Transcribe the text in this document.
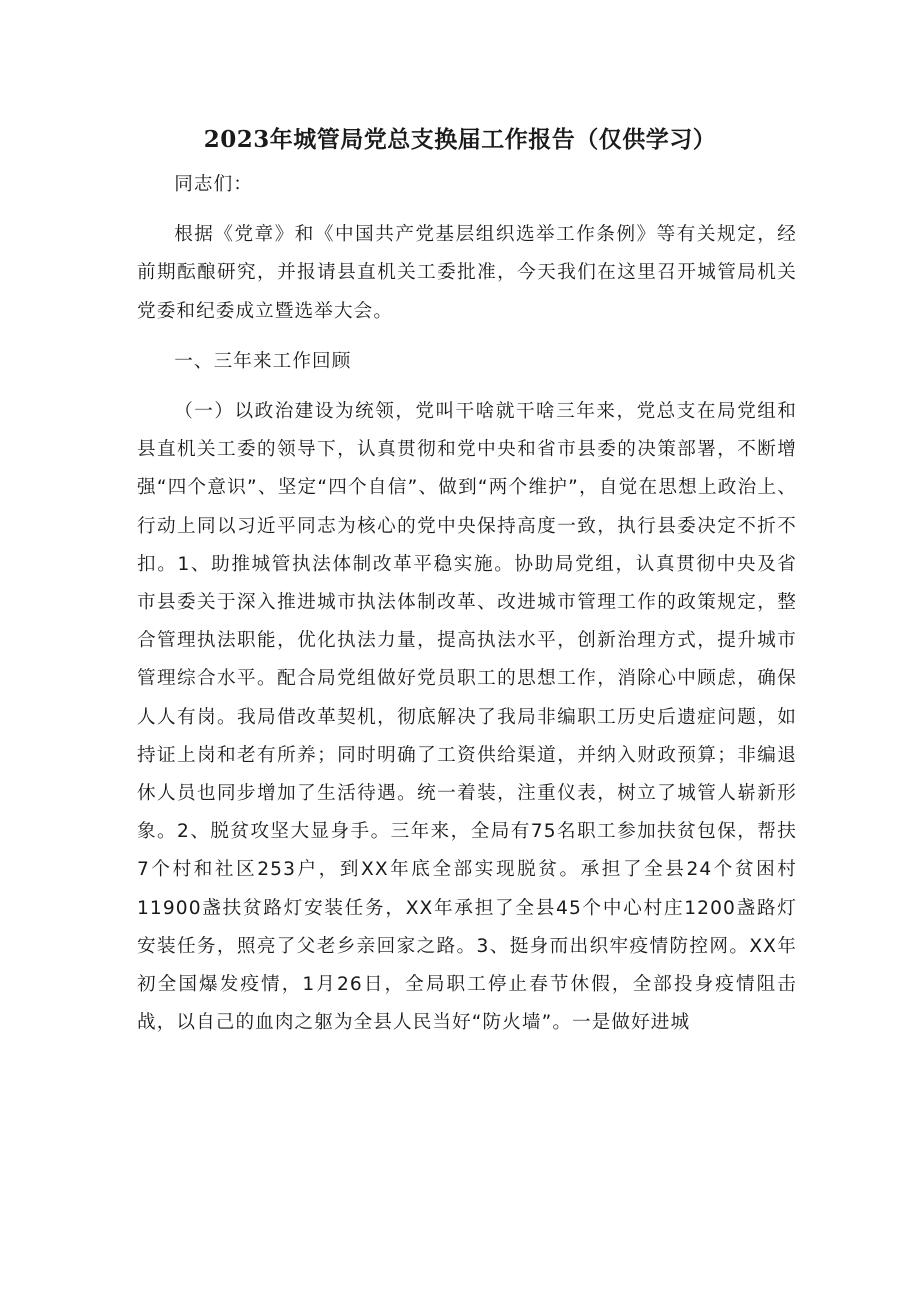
2023年城管局党总支换届工作报告（仅供学习）

同志们：

根据《党章》和《中国共产党基层组织选举工作条例》等有关规定，经前期酝酿研究，并报请县直机关工委批准，今天我们在这里召开城管局机关党委和纪委成立暨选举大会。

一、三年来工作回顾

（一）以政治建设为统领，党叫干啥就干啥三年来，党总支在局党组和县直机关工委的领导下，认真贯彻和党中央和省市县委的决策部署，不断增强“四个意识”、坚定“四个自信”、做到“两个维护”，自觉在思想上政治上、行动上同以习近平同志为核心的党中央保持高度一致，执行县委决定不折不扣。1、助推城管执法体制改革平稳实施。协助局党组，认真贯彻中央及省市县委关于深入推进城市执法体制改革、改进城市管理工作的政策规定，整合管理执法职能，优化执法力量，提高执法水平，创新治理方式，提升城市管理综合水平。配合局党组做好党员职工的思想工作，消除心中顾虑，确保人人有岗。我局借改革契机，彻底解决了我局非编职工历史后遗症问题，如持证上岗和老有所养；同时明确了工资供给渠道，并纳入财政预算；非编退休人员也同步增加了生活待遇。统一着装，注重仪表，树立了城管人崭新形象。2、脱贫攻坚大显身手。三年来，全局有75名职工参加扶贫包保，帮扶7个村和社区253户，到XX年底全部实现脱贫。承担了全县24个贫困村11900盏扶贫路灯安装任务，XX年承担了全县45个中心村庄1200盏路灯安装任务，照亮了父老乡亲回家之路。3、挺身而出织牢疫情防控网。XX年初全国爆发疫情，1月26日，全局职工停止春节休假，全部投身疫情阻击战，以自己的血肉之躯为全县人民当好“防火墙”。一是做好进城
